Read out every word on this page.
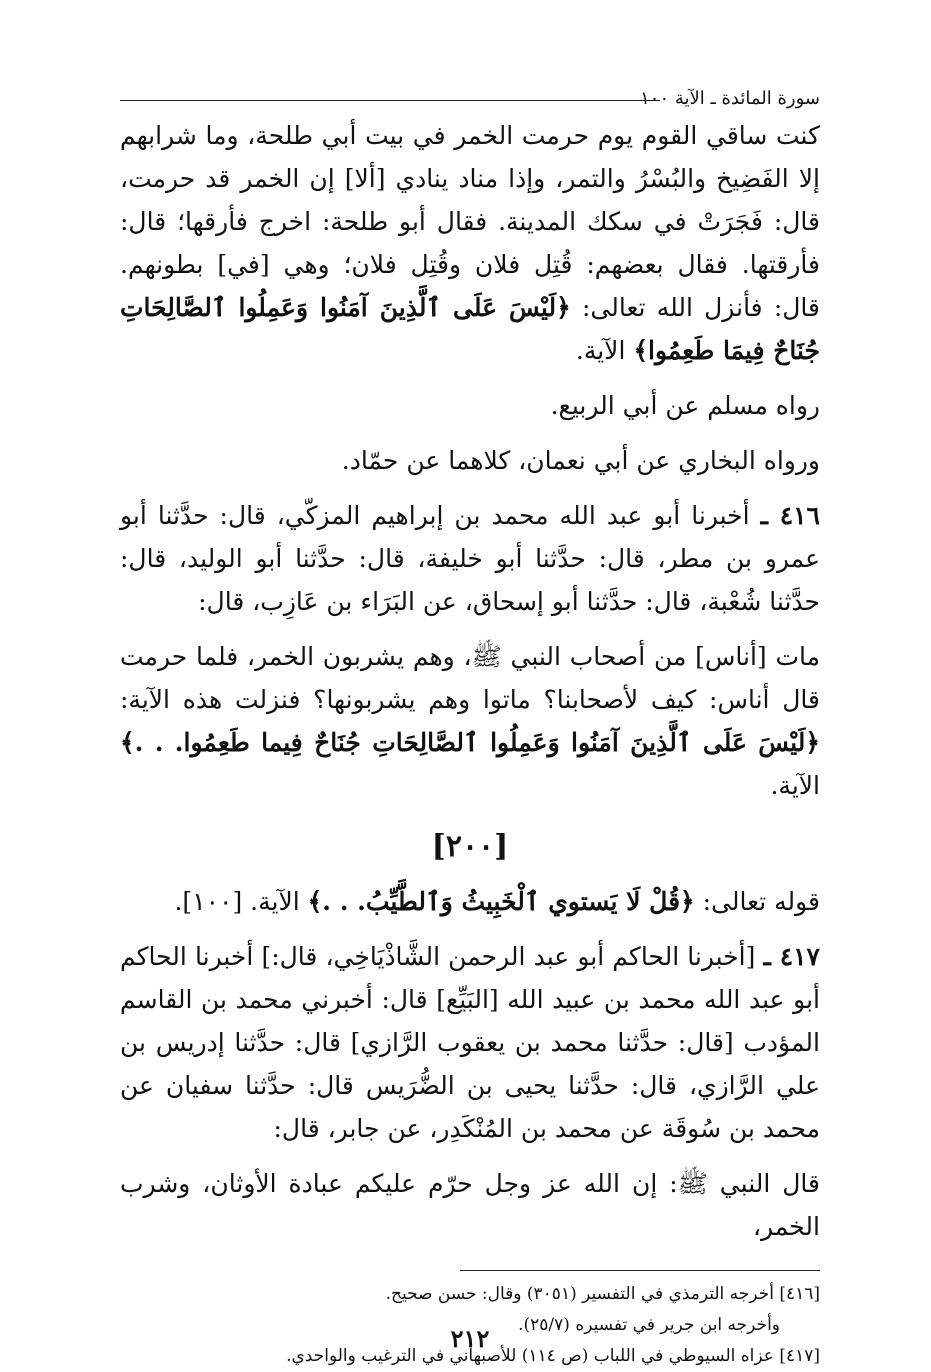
سورة المائدة ـ الآية ١٠٠

كنت ساقي القوم يوم حرمت الخمر في بيت أبي طلحة، وما شرابهم إلا الفَضِيخ والبُسْرُ والتمر، وإذا مناد ينادي [ألا] إن الخمر قد حرمت، قال: فَجَرَتْ في سكك المدينة. فقال أبو طلحة: اخرج فأرقها؛ قال: فأرقتها. فقال بعضهم: قُتِل فلان وقُتِل فلان؛ وهي [في] بطونهم. قال: فأنزل الله تعالى: ﴿لَيْسَ عَلَى ٱلَّذِينَ آمَنُوا وَعَمِلُوا ٱلصَّالِحَاتِ جُنَاحٌ فِيمَا طَعِمُوا﴾ الآية.

رواه مسلم عن أبي الربيع.

ورواه البخاري عن أبي نعمان، كلاهما عن حمّاد.

٤١٦ ـ أخبرنا أبو عبد الله محمد بن إبراهيم المزكّي، قال: حدَّثنا أبو عمرو بن مطر، قال: حدَّثنا أبو خليفة، قال: حدَّثنا أبو الوليد، قال: حدَّثنا شُعْبة، قال: حدَّثنا أبو إسحاق، عن البَرَاء بن عَازِب، قال:

مات [أناس] من أصحاب النبي ﷺ، وهم يشربون الخمر، فلما حرمت قال أناس: كيف لأصحابنا؟ ماتوا وهم يشربونها؟ فنزلت هذه الآية: ﴿لَيْسَ عَلَى ٱلَّذِينَ آمَنُوا وَعَمِلُوا ٱلصَّالِحَاتِ جُنَاحٌ فِيما طَعِمُوا. . .﴾ الآية.

[٢٠٠]

قوله تعالى: ﴿قُلْ لَا يَستوي ٱلْخَبِيثُ وَٱلطَّيِّبُ. . .﴾ الآية. [١٠٠].

٤١٧ ـ [أخبرنا الحاكم أبو عبد الرحمن الشَّاذْيَاخِي، قال:] أخبرنا الحاكم أبو عبد الله محمد بن عبيد الله [البَيِّع] قال: أخبرني محمد بن القاسم المؤدب [قال: حدَّثنا محمد بن يعقوب الرَّازي] قال: حدَّثنا إدريس بن علي الرَّازي، قال: حدَّثنا يحيى بن الضُّرَيس قال: حدَّثنا سفيان عن محمد بن سُوقَة عن محمد بن المُنْكَدِر، عن جابر، قال:

قال النبي ﷺ: إن الله عز وجل حرّم عليكم عبادة الأوثان، وشرب الخمر،

[٤١٦] أخرجه الترمذي في التفسير (٣٠٥١) وقال: حسن صحيح.

وأخرجه ابن جرير في تفسيره (٢٥/٧).

[٤١٧] عزاه السيوطي في اللباب (ص ١١٤) للأصبهاني في الترغيب والواحدي.

٢١٢
